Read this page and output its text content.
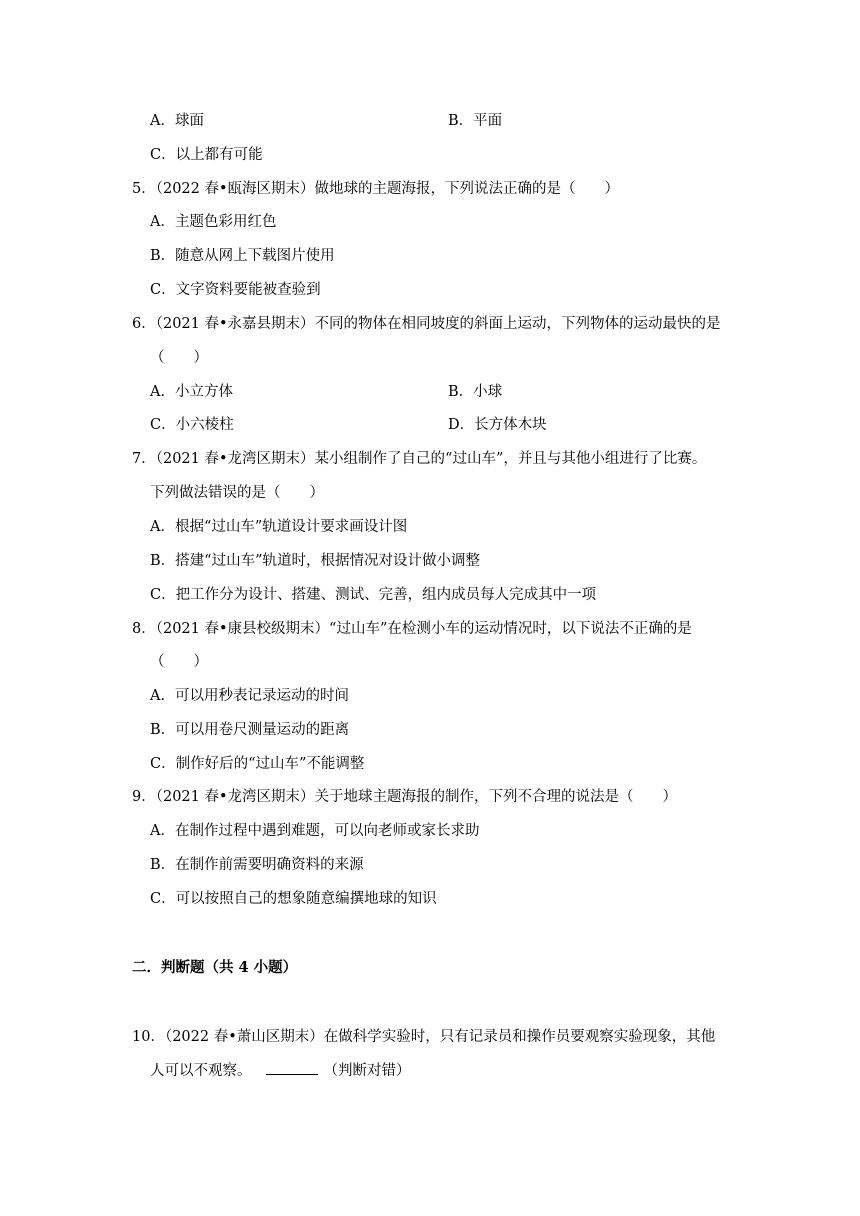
A．球面	B．平面
C．以上都有可能
5．（2022 春•瓯海区期末）做地球的主题海报，下列说法正确的是（　　）
A．主题色彩用红色
B．随意从网上下载图片使用
C．文字资料要能被查验到
6．（2021 春•永嘉县期末）不同的物体在相同坡度的斜面上运动，下列物体的运动最快的是
（　　）
A．小立方体	B．小球
C．小六棱柱	D．长方体木块
7．（2021 春•龙湾区期末）某小组制作了自己的“过山车”，并且与其他小组进行了比赛。
下列做法错误的是（　　）
A．根据“过山车”轨道设计要求画设计图
B．搭建“过山车”轨道时，根据情况对设计做小调整
C．把工作分为设计、搭建、测试、完善，组内成员每人完成其中一项
8．（2021 春•康县校级期末）“过山车”在检测小车的运动情况时，以下说法不正确的是
（　　）
A．可以用秒表记录运动的时间
B．可以用卷尺测量运动的距离
C．制作好后的“过山车”不能调整
9．（2021 春•龙湾区期末）关于地球主题海报的制作，下列不合理的说法是（　　）
A．在制作过程中遇到难题，可以向老师或家长求助
B．在制作前需要明确资料的来源
C．可以按照自己的想象随意编撰地球的知识
二．判断题（共 4 小题）
10．（2022 春•萧山区期末）在做科学实验时，只有记录员和操作员要观察实验现象，其他
人可以不观察。	（判断对错）
